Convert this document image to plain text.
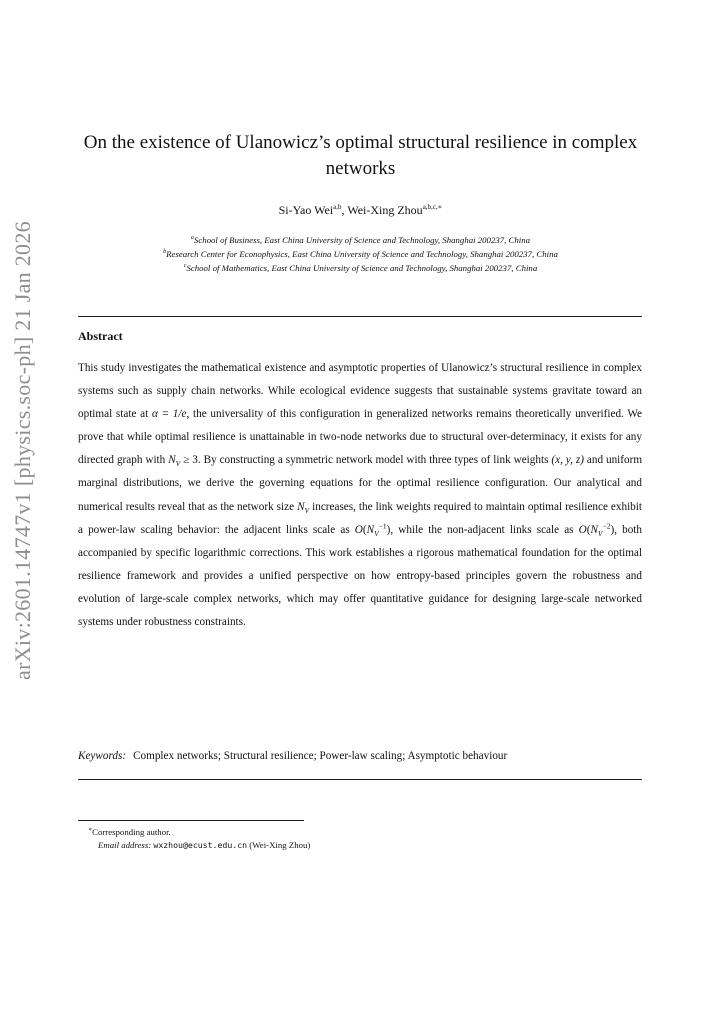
arXiv:2601.14747v1 [physics.soc-ph] 21 Jan 2026
On the existence of Ulanowicz’s optimal structural resilience in complex networks
Si-Yao Wei$^{a,b}$, Wei-Xing Zhou$^{a,b,c,∗}$
$^a$School of Business, East China University of Science and Technology, Shanghai 200237, China
$^b$Research Center for Econophysics, East China University of Science and Technology, Shanghai 200237, China
$^c$School of Mathematics, East China University of Science and Technology, Shanghai 200237, China
Abstract
This study investigates the mathematical existence and asymptotic properties of Ulanowicz’s structural resilience in complex systems such as supply chain networks. While ecological evidence suggests that sustainable systems gravitate toward an optimal state at α = 1/e, the universality of this configuration in generalized networks remains theoretically unverified. We prove that while optimal resilience is unattainable in two-node networks due to structural over-determinacy, it exists for any directed graph with $N_V \ge 3$. By constructing a symmetric network model with three types of link weights (x, y, z) and uniform marginal distributions, we derive the governing equations for the optimal resilience configuration. Our analytical and numerical results reveal that as the network size $N_V$ increases, the link weights required to maintain optimal resilience exhibit a power-law scaling behavior: the adjacent links scale as $O(N_V^{-1})$, while the non-adjacent links scale as $O(N_V^{-2})$, both accompanied by specific logarithmic corrections. This work establishes a rigorous mathematical foundation for the optimal resilience framework and provides a unified perspective on how entropy-based principles govern the robustness and evolution of large-scale complex networks, which may offer quantitative guidance for designing large-scale networked systems under robustness constraints.
Keywords: Complex networks; Structural resilience; Power-law scaling; Asymptotic behaviour
∗Corresponding author.
Email address: wxzhou@ecust.edu.cn (Wei-Xing Zhou)
